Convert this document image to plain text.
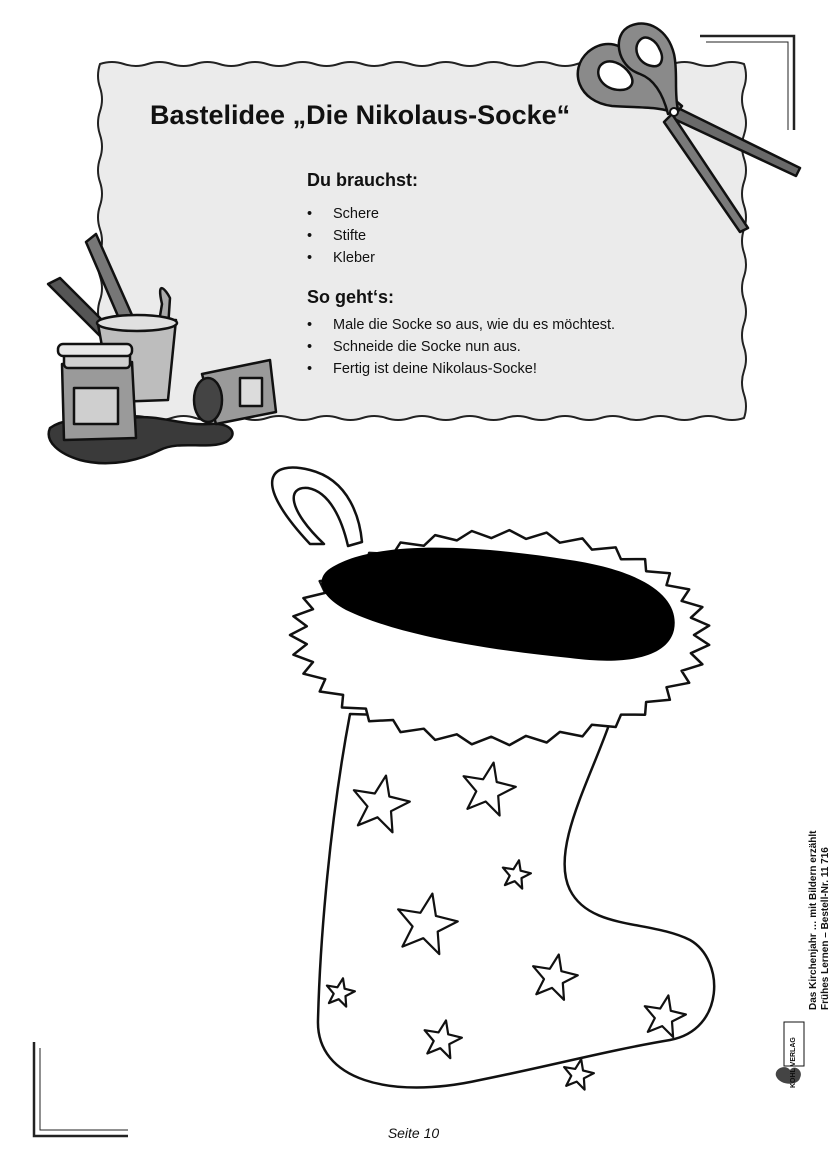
Bastelidee „Die Nikolaus-Socke“
Du brauchst:
• Schere
• Stifte
• Kleber
So geht‘s:
• Male die Socke so aus, wie du es möchtest.
• Schneide die Socke nun aus.
• Fertig ist deine Nikolaus-Socke!
KOHL VERLAG
Das Kirchenjahr … mit Bildern erzählt Frühes Lernen – Bestell-Nr. 11 716
Seite 10
